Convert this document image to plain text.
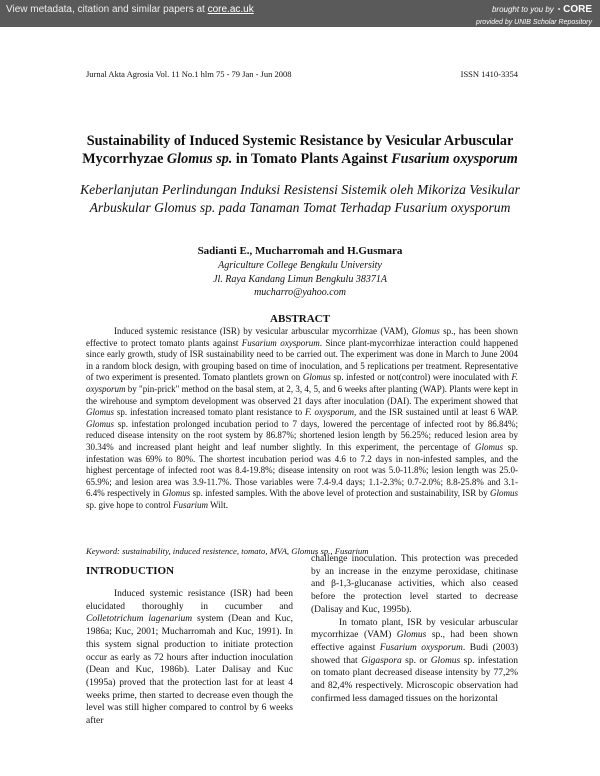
View metadata, citation and similar papers at core.ac.uk	brought to you by ◔ CORE
provided by UNIB Scholar Repository
Jurnal Akta Agrosia Vol. 11 No.1 hlm 75 - 79 Jan - Jun 2008	ISSN 1410-3354
Sustainability of Induced Systemic Resistance by Vesicular Arbuscular Mycorrhyzae Glomus sp. in Tomato Plants Against Fusarium oxysporum
Keberlanjutan Perlindungan Induksi Resistensi Sistemik oleh Mikoriza Vesikular Arbuskular Glomus sp. pada Tanaman Tomat Terhadap Fusarium oxysporum
Sadianti E., Mucharromah and H.Gusmara
Agriculture College Bengkulu University
Jl. Raya Kandang Limun Bengkulu 38371A
mucharro@yahoo.com
ABSTRACT

Induced systemic resistance (ISR) by vesicular arbuscular mycorrhizae (VAM), Glomus sp., has been shown effective to protect tomato plants against Fusarium oxysporum. Since plant-mycorrhizae interaction could happened since early growth, study of ISR sustainability need to be carried out. The experiment was done in March to June 2004 in a random block design, with grouping based on time of inoculation, and 5 replications per treatment. Representative of two experiment is presented. Tomato plantlets grown on Glomus sp. infested or not(control) were inoculated with F. oxysporum by "pin-prick" method on the basal stem, at 2, 3, 4, 5, and 6 weeks after planting (WAP). Plants were kept in the wirehouse and symptom development was observed 21 days after inoculation (DAI). The experiment showed that Glomus sp. infestation increased tomato plant resistance to F. oxysporum, and the ISR sustained until at least 6 WAP. Glomus sp. infestation prolonged incubation period to 7 days, lowered the percentage of infected root by 86.84%; reduced disease intensity on the root system by 86.87%; shortened lesion length by 56.25%; reduced lesion area by 30.34% and increased plant height and leaf number slightly. In this experiment, the percentage of Glomus sp. infestation was 69% to 80%. The shortest incubation period was 4.6 to 7.2 days in non-infested samples, and the highest percentage of infected root was 8.4-19.8%; disease intensity on root was 5.0-11.8%; lesion length was 25.0-65.9%; and lesion area was 3.9-11.7%. Those variables were 7.4-9.4 days; 1.1-2.3%; 0.7-2.0%; 8.8-25.8% and 3.1-6.4% respectively in Glomus sp. infested samples. With the above level of protection and sustainability, ISR by Glomus sp. give hope to control Fusarium Wilt.

Keyword: sustainability, induced resistence, tomato, MVA, Glomus sp., Fusarium
INTRODUCTION

Induced systemic resistance (ISR) had been elucidated thoroughly in cucumber and Colletotrichum lagenarium system (Dean and Kuc, 1986a; Kuc, 2001; Mucharromah and Kuc, 1991). In this system signal production to initiate protection occur as early as 72 hours after induction inoculation (Dean and Kuc, 1986b). Later Dalisay and Kuc (1995a) proved that the protection last for at least 4 weeks prime, then started to decrease even though the level was still higher compared to control by 6 weeks after

challenge inoculation. This protection was preceded by an increase in the enzyme peroxidase, chitinase and β-1,3-glucanase activities, which also ceased before the protection level started to decrease (Dalisay and Kuc, 1995b).

In tomato plant, ISR by vesicular arbuscular mycorrhizae (VAM) Glomus sp., had been shown effective against Fusarium oxysporum. Budi (2003) showed that Gigaspora sp. or Glomus sp. infestation on tomato plant decreased disease intensity by 77,2% and 82,4% respectively. Microscopic observation had confirmed less damaged tissues on the horizontal
